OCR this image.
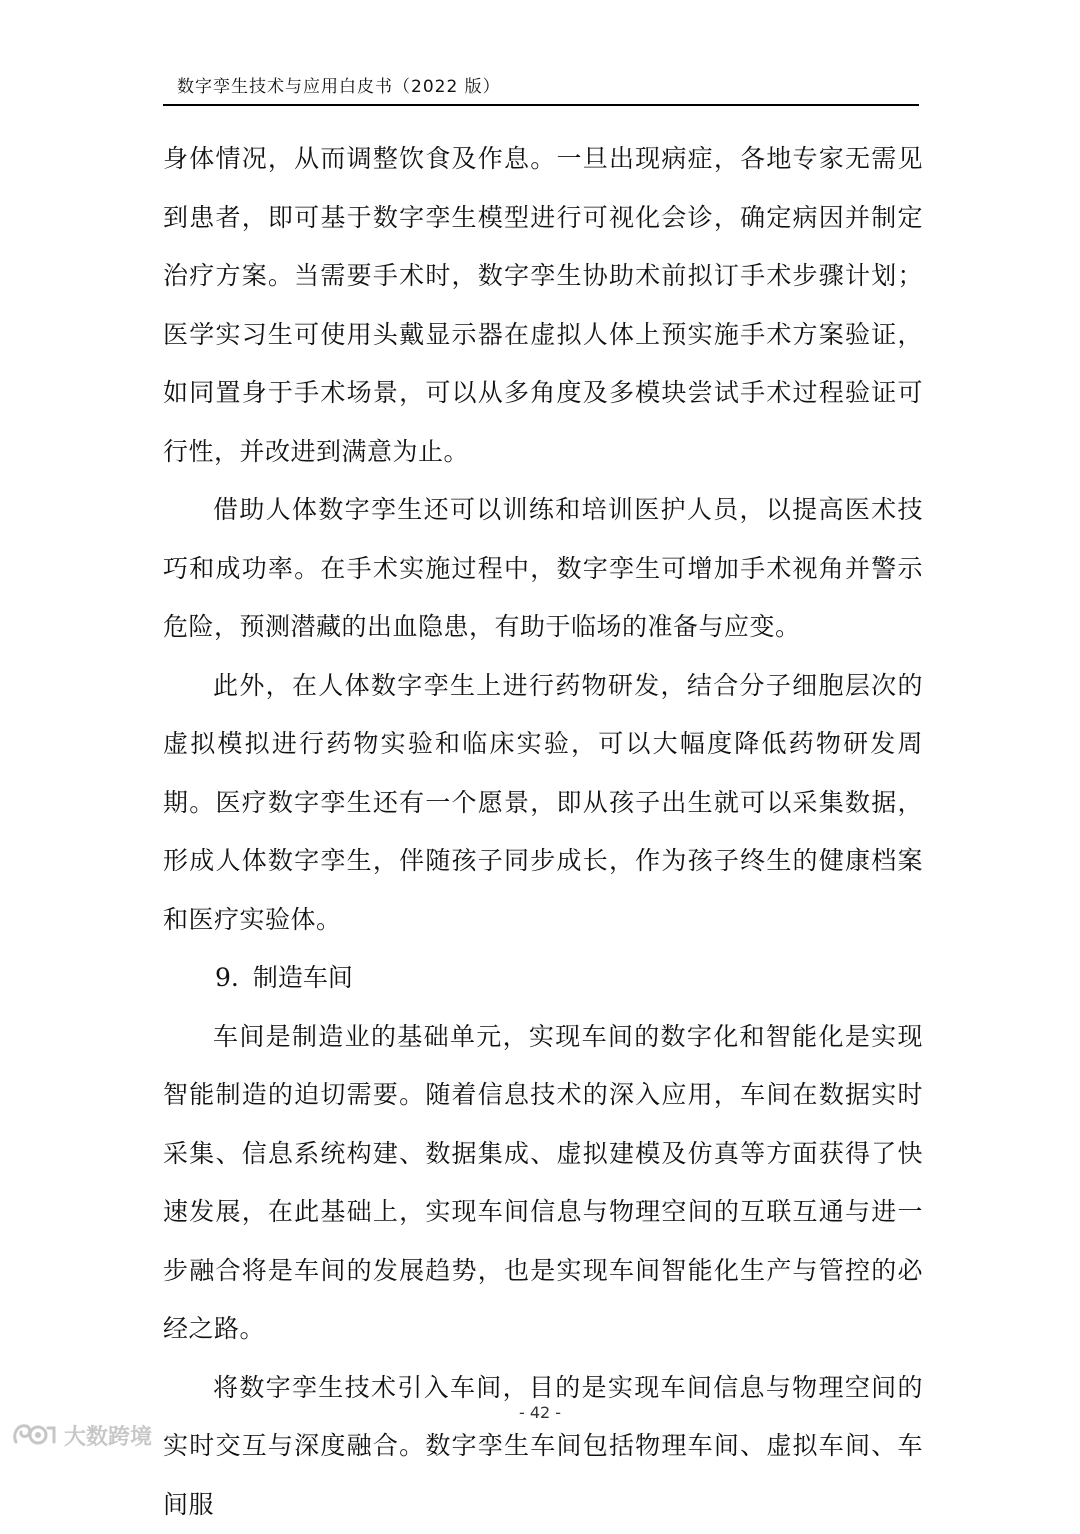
数字孪生技术与应用白皮书（2022 版）

身体情况，从而调整饮食及作息。一旦出现病症，各地专家无需见到患者，即可基于数字孪生模型进行可视化会诊，确定病因并制定治疗方案。当需要手术时，数字孪生协助术前拟订手术步骤计划；医学实习生可使用头戴显示器在虚拟人体上预实施手术方案验证，如同置身于手术场景，可以从多角度及多模块尝试手术过程验证可行性，并改进到满意为止。

借助人体数字孪生还可以训练和培训医护人员，以提高医术技巧和成功率。在手术实施过程中，数字孪生可增加手术视角并警示危险，预测潜藏的出血隐患，有助于临场的准备与应变。

此外，在人体数字孪生上进行药物研发，结合分子细胞层次的虚拟模拟进行药物实验和临床实验，可以大幅度降低药物研发周期。医疗数字孪生还有一个愿景，即从孩子出生就可以采集数据，形成人体数字孪生，伴随孩子同步成长，作为孩子终生的健康档案和医疗实验体。

9. 制造车间

车间是制造业的基础单元，实现车间的数字化和智能化是实现智能制造的迫切需要。随着信息技术的深入应用，车间在数据实时采集、信息系统构建、数据集成、虚拟建模及仿真等方面获得了快速发展，在此基础上，实现车间信息与物理空间的互联互通与进一步融合将是车间的发展趋势，也是实现车间智能化生产与管控的必经之路。

将数字孪生技术引入车间，目的是实现车间信息与物理空间的实时交互与深度融合。数字孪生车间包括物理车间、虚拟车间、车间服

- 42 -
大数跨境
